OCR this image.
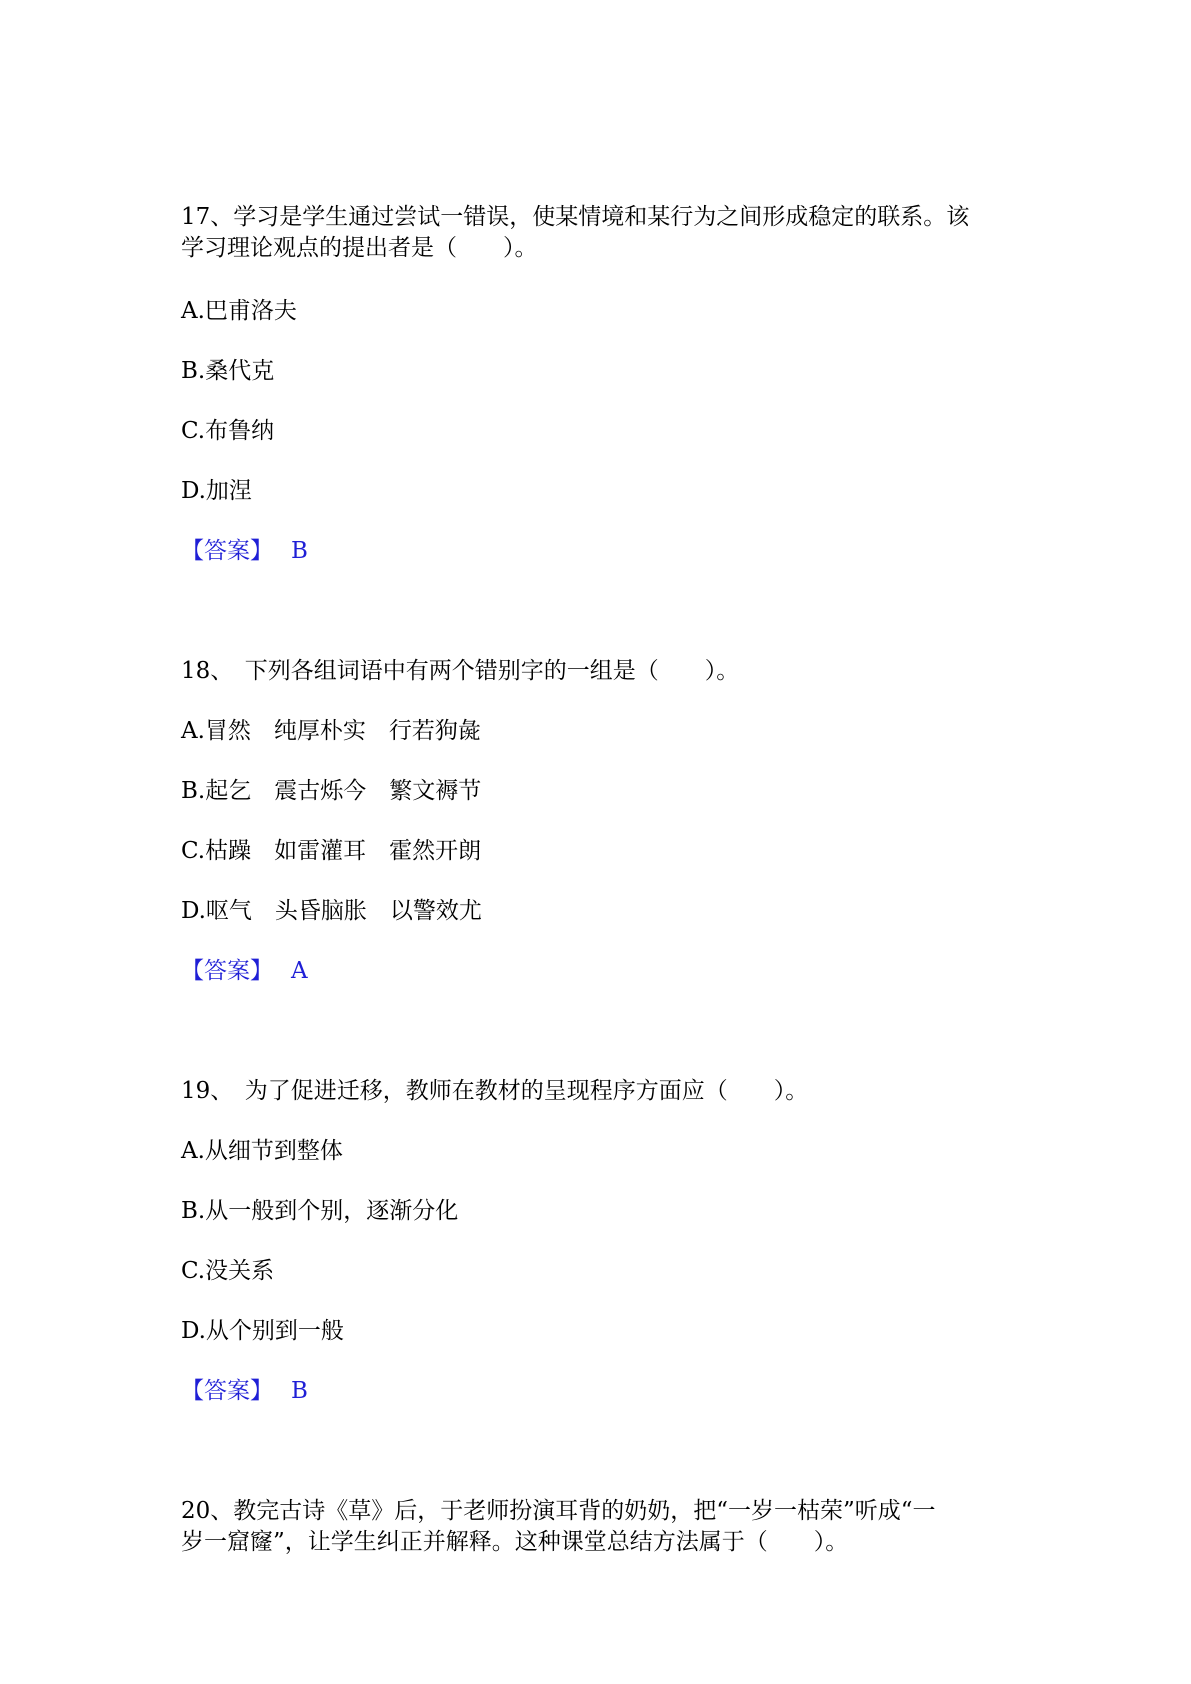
17、学习是学生通过尝试一错误，使某情境和某行为之间形成稳定的联系。该
学习理论观点的提出者是（　　）。
A.巴甫洛夫
B.桑代克
C.布鲁纳
D.加涅
【答案】 B
18、　下列各组词语中有两个错别字的一组是（　　）。
A.冒然　纯厚朴实　行若狗彘
B.起乞　震古烁今　繁文褥节
C.枯躁　如雷灌耳　霍然开朗
D.呕气　头昏脑胀　以警效尤
【答案】 A
19、　为了促进迁移，教师在教材的呈现程序方面应（　　）。
A.从细节到整体
B.从一般到个别，逐渐分化
C.没关系
D.从个别到一般
【答案】 B
20、教完古诗《草》后，于老师扮演耳背的奶奶，把“一岁一枯荣”听成“一
岁一窟窿”，让学生纠正并解释。这种课堂总结方法属于（　　）。
